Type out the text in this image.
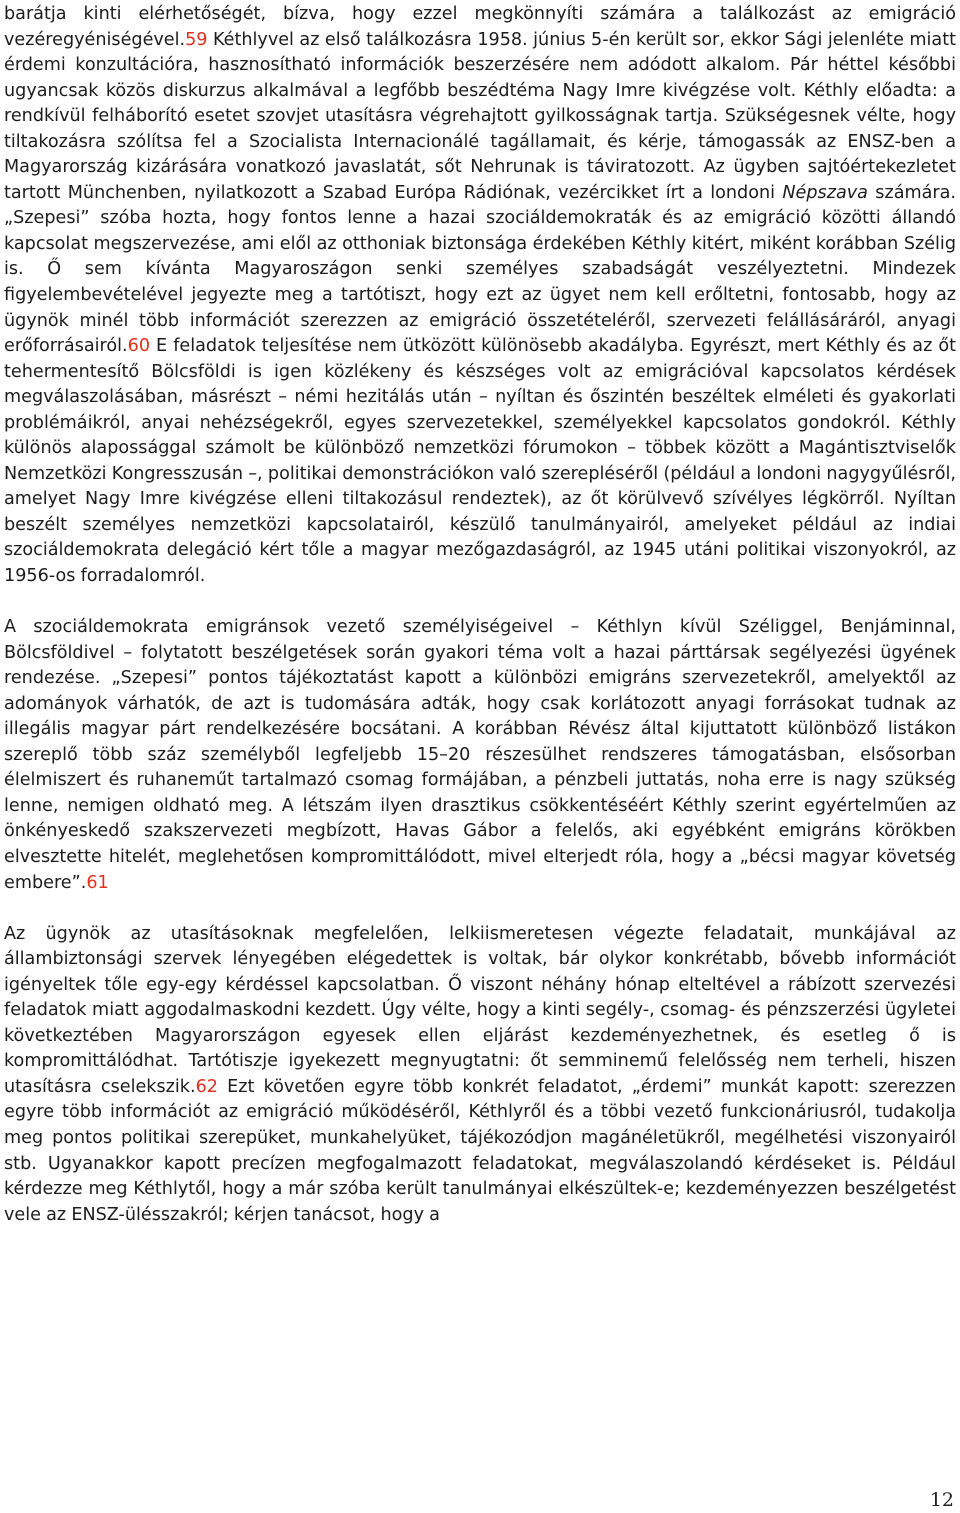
barátja kinti elérhetőségét, bízva, hogy ezzel megkönnyíti számára a találkozást az emigráció vezéregyéniségével.59 Kéthlyvel az első találkozásra 1958. június 5-én került sor, ekkor Sági jelenléte miatt érdemi konzultációra, hasznosítható információk beszerzésére nem adódott alkalom. Pár héttel későbbi ugyancsak közös diskurzus alkalmával a legfőbb beszédtéma Nagy Imre kivégzése volt. Kéthly előadta: a rendkívül felháborító esetet szovjet utasításra végrehajtott gyilkosságnak tartja. Szükségesnek vélte, hogy tiltakozásra szólítsa fel a Szocialista Internacionálé tagállamait, és kérje, támogassák az ENSZ-ben a Magyarország kizárására vonatkozó javaslatát, sőt Nehrunak is táviratozott. Az ügyben sajtóértekezletet tartott Münchenben, nyilatkozott a Szabad Európa Rádiónak, vezércikket írt a londoni Népszava számára. „Szepesi” szóba hozta, hogy fontos lenne a hazai szociáldemokraták és az emigráció közötti állandó kapcsolat megszervezése, ami elől az otthoniak biztonsága érdekében Kéthly kitért, miként korábban Szélig is. Ő sem kívánta Magyaroszágon senki személyes szabadságát veszélyeztetni. Mindezek figyelembevételével jegyezte meg a tartótiszt, hogy ezt az ügyet nem kell erőltetni, fontosabb, hogy az ügynök minél több információt szerezzen az emigráció összetételéről, szervezeti felállásáráról, anyagi erőforrásairól.60 E feladatok teljesítése nem ütközött különösebb akadályba. Egyrészt, mert Kéthly és az őt tehermentesítő Bölcsföldi is igen közlékeny és készséges volt az emigrációval kapcsolatos kérdések megválaszolásában, másrészt – némi hezitálás után – nyíltan és őszintén beszéltek elméleti és gyakorlati problémáikról, anyai nehézségekről, egyes szervezetekkel, személyekkel kapcsolatos gondokról. Kéthly különös alapossággal számolt be különböző nemzetközi fórumokon – többek között a Magántisztviselők Nemzetközi Kongresszusán –, politikai demonstrációkon való szerepléséről (például a londoni nagygyűlésről, amelyet Nagy Imre kivégzése elleni tiltakozásul rendeztek), az őt körülvevő szívélyes légkörről. Nyíltan beszélt személyes nemzetközi kapcsolatairól, készülő tanulmányairól, amelyeket például az indiai szociáldemokrata delegáció kért tőle a magyar mezőgazdaságról, az 1945 utáni politikai viszonyokról, az 1956-os forradalomról.

A szociáldemokrata emigránsok vezető személyiségeivel – Kéthlyn kívül Széliggel, Benjáminnal, Bölcsföldivel – folytatott beszélgetések során gyakori téma volt a hazai párttársak segélyezési ügyének rendezése. „Szepesi” pontos tájékoztatást kapott a különbözi emigráns szervezetekről, amelyektől az adományok várhatók, de azt is tudomására adták, hogy csak korlátozott anyagi forrásokat tudnak az illegális magyar párt rendelkezésére bocsátani. A korábban Révész által kijuttatott különböző listákon szereplő több száz személyből legfeljebb 15–20 részesülhet rendszeres támogatásban, elsősorban élelmiszert és ruhaneműt tartalmazó csomag formájában, a pénzbeli juttatás, noha erre is nagy szükség lenne, nemigen oldható meg. A létszám ilyen drasztikus csökkentéséért Kéthly szerint egyértelműen az önkényeskedő szakszervezeti megbízott, Havas Gábor a felelős, aki egyébként emigráns körökben elvesztette hitelét, meglehetősen kompromittálódott, mivel elterjedt róla, hogy a „bécsi magyar követség embere”.61

Az ügynök az utasításoknak megfelelően, lelkiismeretesen végezte feladatait, munkájával az állambiztonsági szervek lényegében elégedettek is voltak, bár olykor konkrétabb, bővebb információt igényeltek tőle egy-egy kérdéssel kapcsolatban. Ő viszont néhány hónap elteltével a rábízott szervezési feladatok miatt aggodalmaskodni kezdett. Úgy vélte, hogy a kinti segély-, csomag- és pénzszerzési ügyletei következtében Magyarországon egyesek ellen eljárást kezdeményezhetnek, és esetleg ő is kompromittálódhat. Tartótiszje igyekezett megnyugtatni: őt semminemű felelősség nem terheli, hiszen utasításra cselekszik.62 Ezt követően egyre több konkrét feladatot, „érdemi” munkát kapott: szerezzen egyre több információt az emigráció működéséről, Kéthlyről és a többi vezető funkcionáriusról, tudakolja meg pontos politikai szerepüket, munkahelyüket, tájékozódjon magánéletükről, megélhetési viszonyairól stb. Ugyanakkor kapott precízen megfogalmazott feladatokat, megválaszolandó kérdéseket is. Például kérdezze meg Kéthlytől, hogy a már szóba került tanulmányai elkészültek-e; kezdeményezzen beszélgetést vele az ENSZ-ülésszakról; kérjen tanácsot, hogy a

12
